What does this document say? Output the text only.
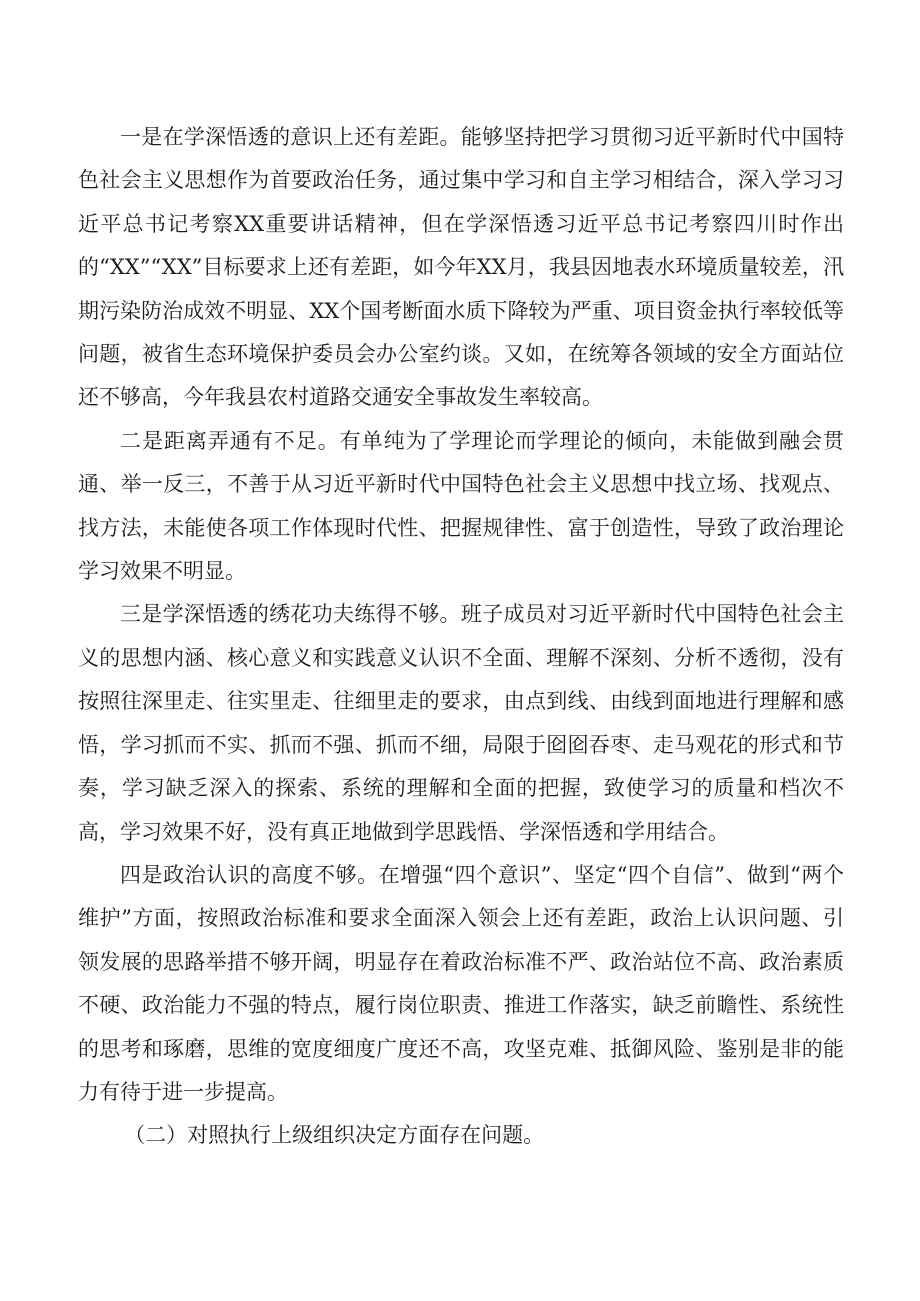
一是在学深悟透的意识上还有差距。能够坚持把学习贯彻习近平新时代中国特色社会主义思想作为首要政治任务，通过集中学习和自主学习相结合，深入学习习近平总书记考察XX重要讲话精神，但在学深悟透习近平总书记考察四川时作出的“XX”“XX”目标要求上还有差距，如今年XX月，我县因地表水环境质量较差，汛期污染防治成效不明显、XX个国考断面水质下降较为严重、项目资金执行率较低等问题，被省生态环境保护委员会办公室约谈。又如，在统筹各领域的安全方面站位还不够高，今年我县农村道路交通安全事故发生率较高。

二是距离弄通有不足。有单纯为了学理论而学理论的倾向，未能做到融会贯通、举一反三，不善于从习近平新时代中国特色社会主义思想中找立场、找观点、找方法，未能使各项工作体现时代性、把握规律性、富于创造性，导致了政治理论学习效果不明显。

三是学深悟透的绣花功夫练得不够。班子成员对习近平新时代中国特色社会主义的思想内涵、核心意义和实践意义认识不全面、理解不深刻、分析不透彻，没有按照往深里走、往实里走、往细里走的要求，由点到线、由线到面地进行理解和感悟，学习抓而不实、抓而不强、抓而不细，局限于囵囵吞枣、走马观花的形式和节奏，学习缺乏深入的探索、系统的理解和全面的把握，致使学习的质量和档次不高，学习效果不好，没有真正地做到学思践悟、学深悟透和学用结合。

四是政治认识的高度不够。在增强“四个意识”、坚定“四个自信”、做到“两个维护”方面，按照政治标准和要求全面深入领会上还有差距，政治上认识问题、引领发展的思路举措不够开阔，明显存在着政治标准不严、政治站位不高、政治素质不硬、政治能力不强的特点，履行岗位职责、推进工作落实，缺乏前瞻性、系统性的思考和琢磨，思维的宽度细度广度还不高，攻坚克难、抵御风险、鉴别是非的能力有待于进一步提高。

（二）对照执行上级组织决定方面存在问题。
